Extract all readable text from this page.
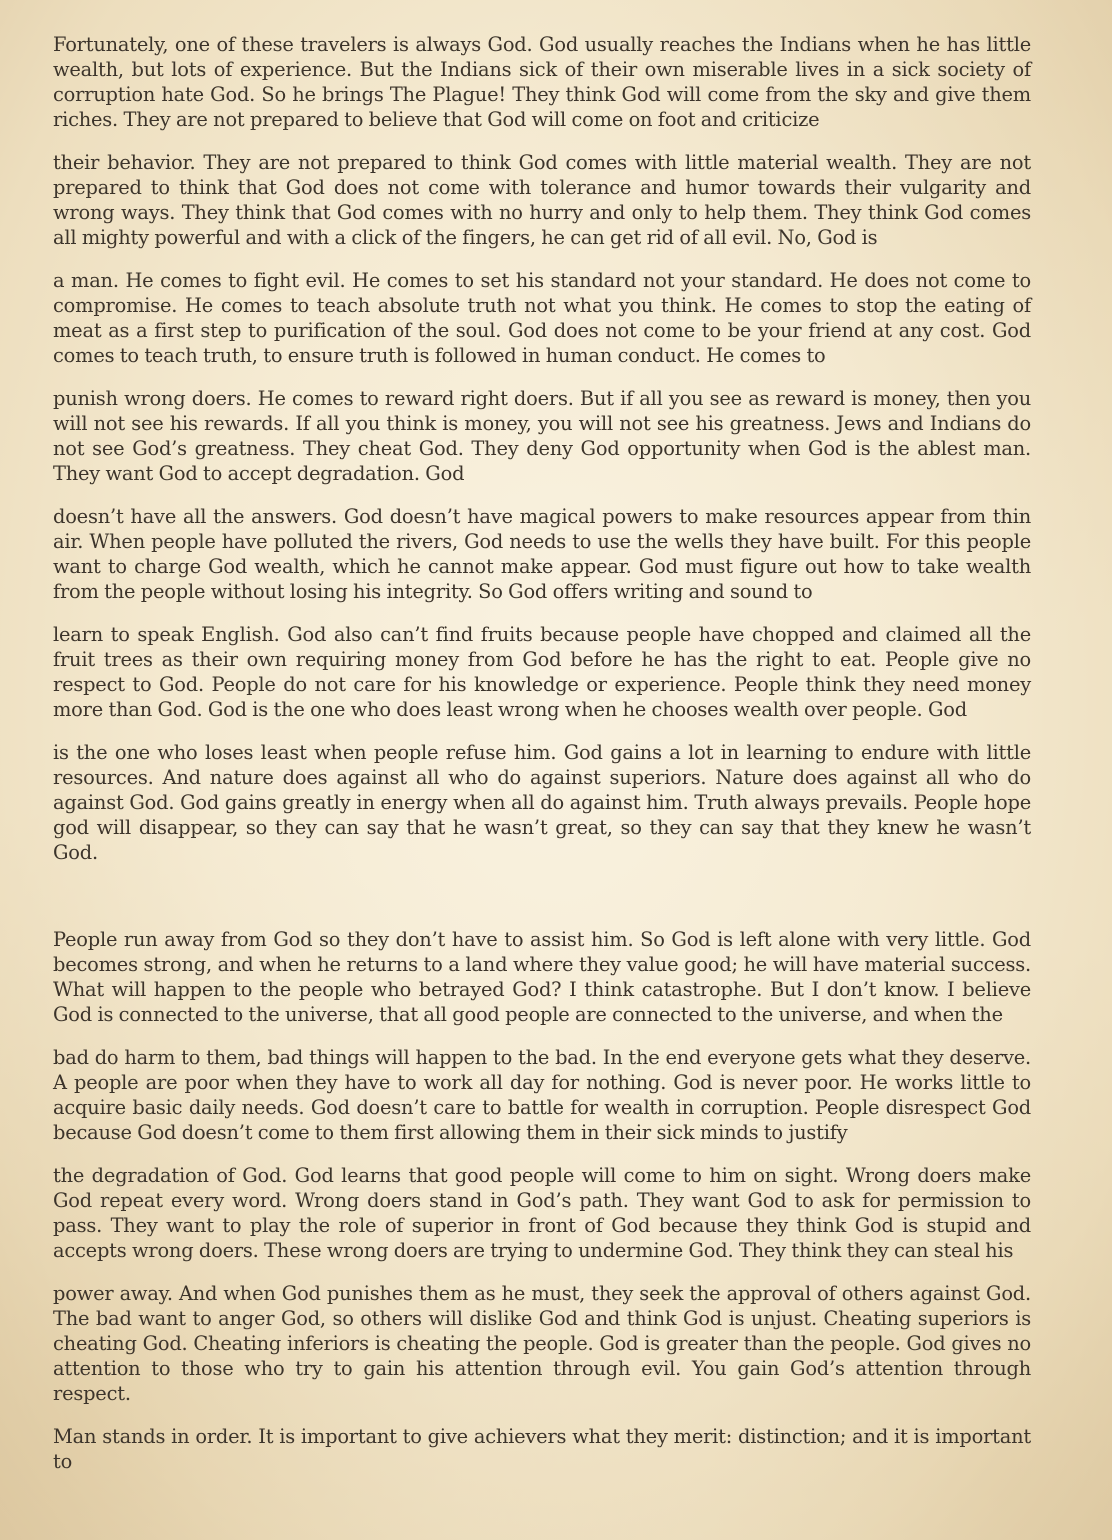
Fortunately, one of these travelers is always God. God usually reaches the Indians when he has little wealth, but lots of experience. But the Indians sick of their own miserable lives in a sick society of corruption hate God. So he brings The Plague! They think God will come from the sky and give them riches. They are not prepared to believe that God will come on foot and criticize

their behavior. They are not prepared to think God comes with little material wealth. They are not prepared to think that God does not come with tolerance and humor towards their vulgarity and wrong ways. They think that God comes with no hurry and only to help them. They think God comes all mighty powerful and with a click of the fingers, he can get rid of all evil. No, God is

a man. He comes to fight evil. He comes to set his standard not your standard. He does not come to compromise. He comes to teach absolute truth not what you think. He comes to stop the eating of meat as a first step to purification of the soul. God does not come to be your friend at any cost. God comes to teach truth, to ensure truth is followed in human conduct. He comes to

punish wrong doers. He comes to reward right doers. But if all you see as reward is money, then you will not see his rewards. If all you think is money, you will not see his greatness. Jews and Indians do not see God’s greatness. They cheat God. They deny God opportunity when God is the ablest man. They want God to accept degradation. God

doesn’t have all the answers. God doesn’t have magical powers to make resources appear from thin air. When people have polluted the rivers, God needs to use the wells they have built. For this people want to charge God wealth, which he cannot make appear. God must figure out how to take wealth from the people without losing his integrity. So God offers writing and sound to

learn to speak English. God also can’t find fruits because people have chopped and claimed all the fruit trees as their own requiring money from God before he has the right to eat. People give no respect to God. People do not care for his knowledge or experience. People think they need money more than God. God is the one who does least wrong when he chooses wealth over people. God

is the one who loses least when people refuse him. God gains a lot in learning to endure with little resources. And nature does against all who do against superiors. Nature does against all who do against God. God gains greatly in energy when all do against him. Truth always prevails. People hope god will disappear, so they can say that he wasn’t great, so they can say that they knew he wasn’t God.

People run away from God so they don’t have to assist him. So God is left alone with very little. God becomes strong, and when he returns to a land where they value good; he will have material success. What will happen to the people who betrayed God? I think catastrophe. But I don’t know. I believe God is connected to the universe, that all good people are connected to the universe, and when the

bad do harm to them, bad things will happen to the bad. In the end everyone gets what they deserve. A people are poor when they have to work all day for nothing. God is never poor. He works little to acquire basic daily needs. God doesn’t care to battle for wealth in corruption. People disrespect God because God doesn’t come to them first allowing them in their sick minds to justify

the degradation of God. God learns that good people will come to him on sight. Wrong doers make God repeat every word. Wrong doers stand in God’s path. They want God to ask for permission to pass. They want to play the role of superior in front of God because they think God is stupid and accepts wrong doers. These wrong doers are trying to undermine God. They think they can steal his

power away. And when God punishes them as he must, they seek the approval of others against God. The bad want to anger God, so others will dislike God and think God is unjust. Cheating superiors is cheating God. Cheating inferiors is cheating the people. God is greater than the people. God gives no attention to those who try to gain his attention through evil. You gain God’s attention through respect.

Man stands in order. It is important to give achievers what they merit: distinction; and it is important to
